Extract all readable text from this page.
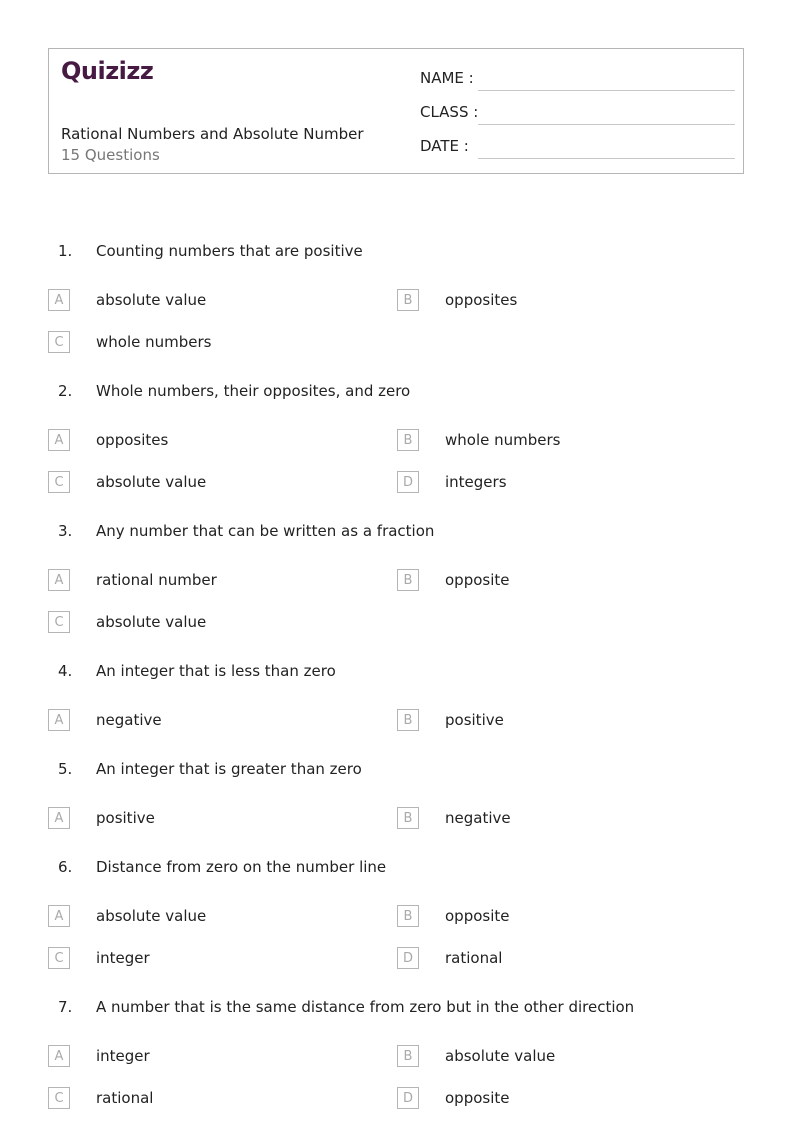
Quizizz
Rational Numbers and Absolute Number
15 Questions
NAME :
CLASS :
DATE :
1.	Counting numbers that are positive
A	absolute value	B	opposites
C	whole numbers
2.	Whole numbers, their opposites, and zero
A	opposites	B	whole numbers
C	absolute value	D	integers
3.	Any number that can be written as a fraction
A	rational number	B	opposite
C	absolute value
4.	An integer that is less than zero
A	negative	B	positive
5.	An integer that is greater than zero
A	positive	B	negative
6.	Distance from zero on the number line
A	absolute value	B	opposite
C	integer	D	rational
7.	A number that is the same distance from zero but in the other direction
A	integer	B	absolute value
C	rational	D	opposite
